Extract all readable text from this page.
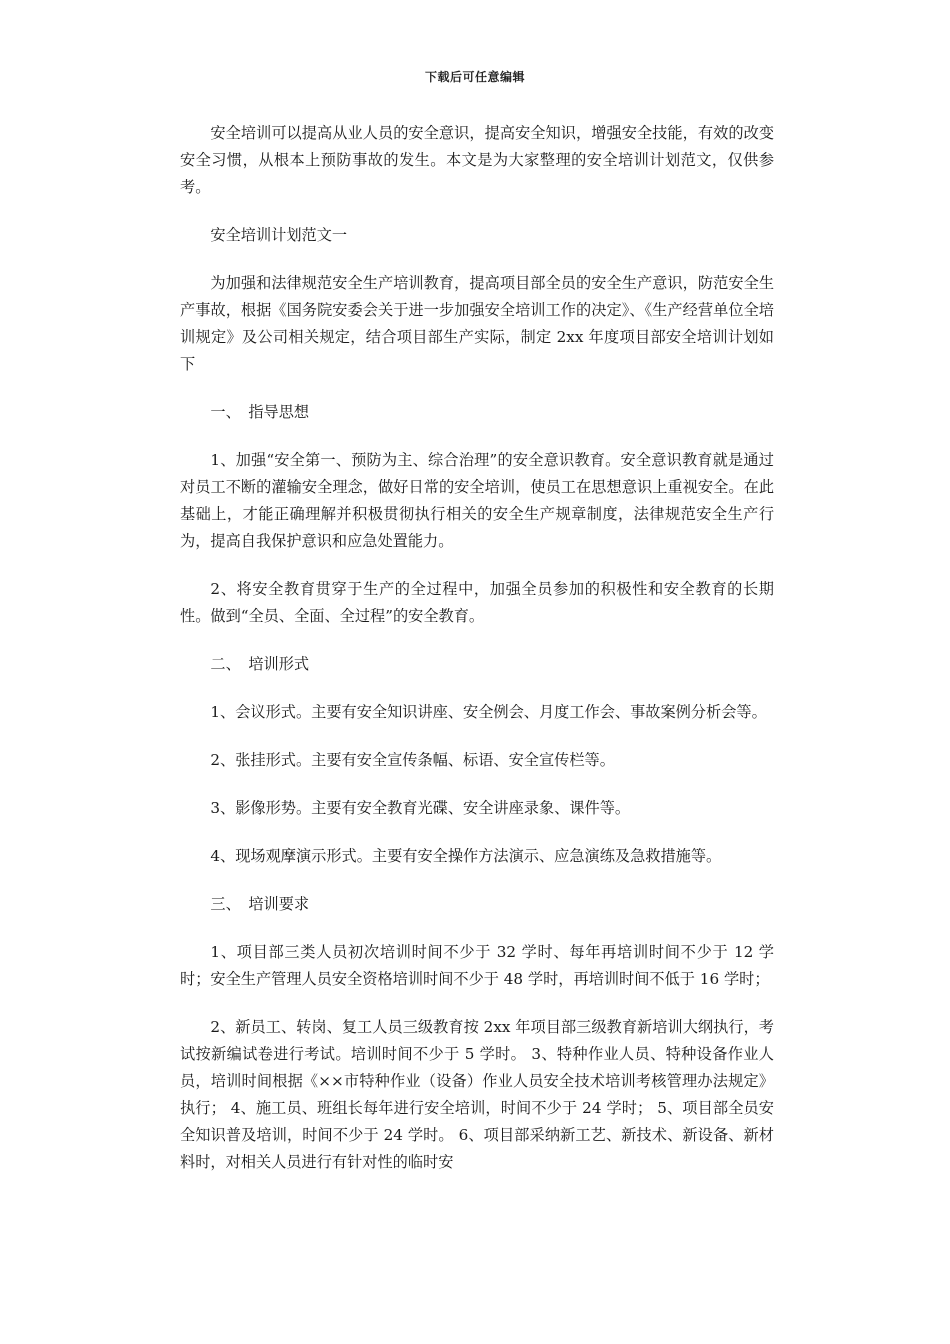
下载后可任意编辑

安全培训可以提高从业人员的安全意识，提高安全知识，增强安全技能，有效的改变安全习惯，从根本上预防事故的发生。本文是为大家整理的安全培训计划范文，仅供参考。

安全培训计划范文一

为加强和法律规范安全生产培训教育，提高项目部全员的安全生产意识，防范安全生产事故，根据《国务院安委会关于进一步加强安全培训工作的决定》、《生产经营单位全培训规定》及公司相关规定，结合项目部生产实际，制定 2xx 年度项目部安全培训计划如下

一、　指导思想

1、加强“安全第一、预防为主、综合治理”的安全意识教育。安全意识教育就是通过对员工不断的灌输安全理念，做好日常的安全培训，使员工在思想意识上重视安全。在此基础上，才能正确理解并积极贯彻执行相关的安全生产规章制度，法律规范安全生产行为，提高自我保护意识和应急处置能力。

2、将安全教育贯穿于生产的全过程中，加强全员参加的积极性和安全教育的长期性。做到“全员、全面、全过程”的安全教育。

二、　培训形式

1、会议形式。主要有安全知识讲座、安全例会、月度工作会、事故案例分析会等。

2、张挂形式。主要有安全宣传条幅、标语、安全宣传栏等。

3、影像形势。主要有安全教育光碟、安全讲座录象、课件等。

4、现场观摩演示形式。主要有安全操作方法演示、应急演练及急救措施等。

三、　培训要求

1、项目部三类人员初次培训时间不少于 32 学时、每年再培训时间不少于 12 学时；安全生产管理人员安全资格培训时间不少于 48 学时，再培训时间不低于 16 学时；

2、新员工、转岗、复工人员三级教育按 2xx 年项目部三级教育新培训大纲执行，考试按新编试卷进行考试。培训时间不少于 5 学时。 3、特种作业人员、特种设备作业人员，培训时间根据《××市特种作业（设备）作业人员安全技术培训考核管理办法规定》执行； 4、施工员、班组长每年进行安全培训，时间不少于 24 学时； 5、项目部全员安全知识普及培训，时间不少于 24 学时。 6、项目部采纳新工艺、新技术、新设备、新材料时，对相关人员进行有针对性的临时安
